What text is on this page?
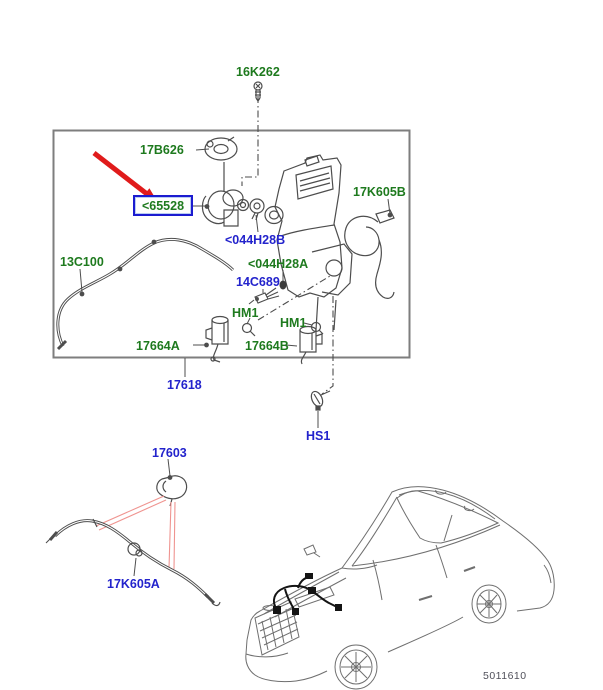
16K262
17B626
<65528
<044H28B
17K605B
13C100	<044H28A
14C689
HM1
HM1
17664A	17664B
17618
HS1
17603
17K605A
5011610
